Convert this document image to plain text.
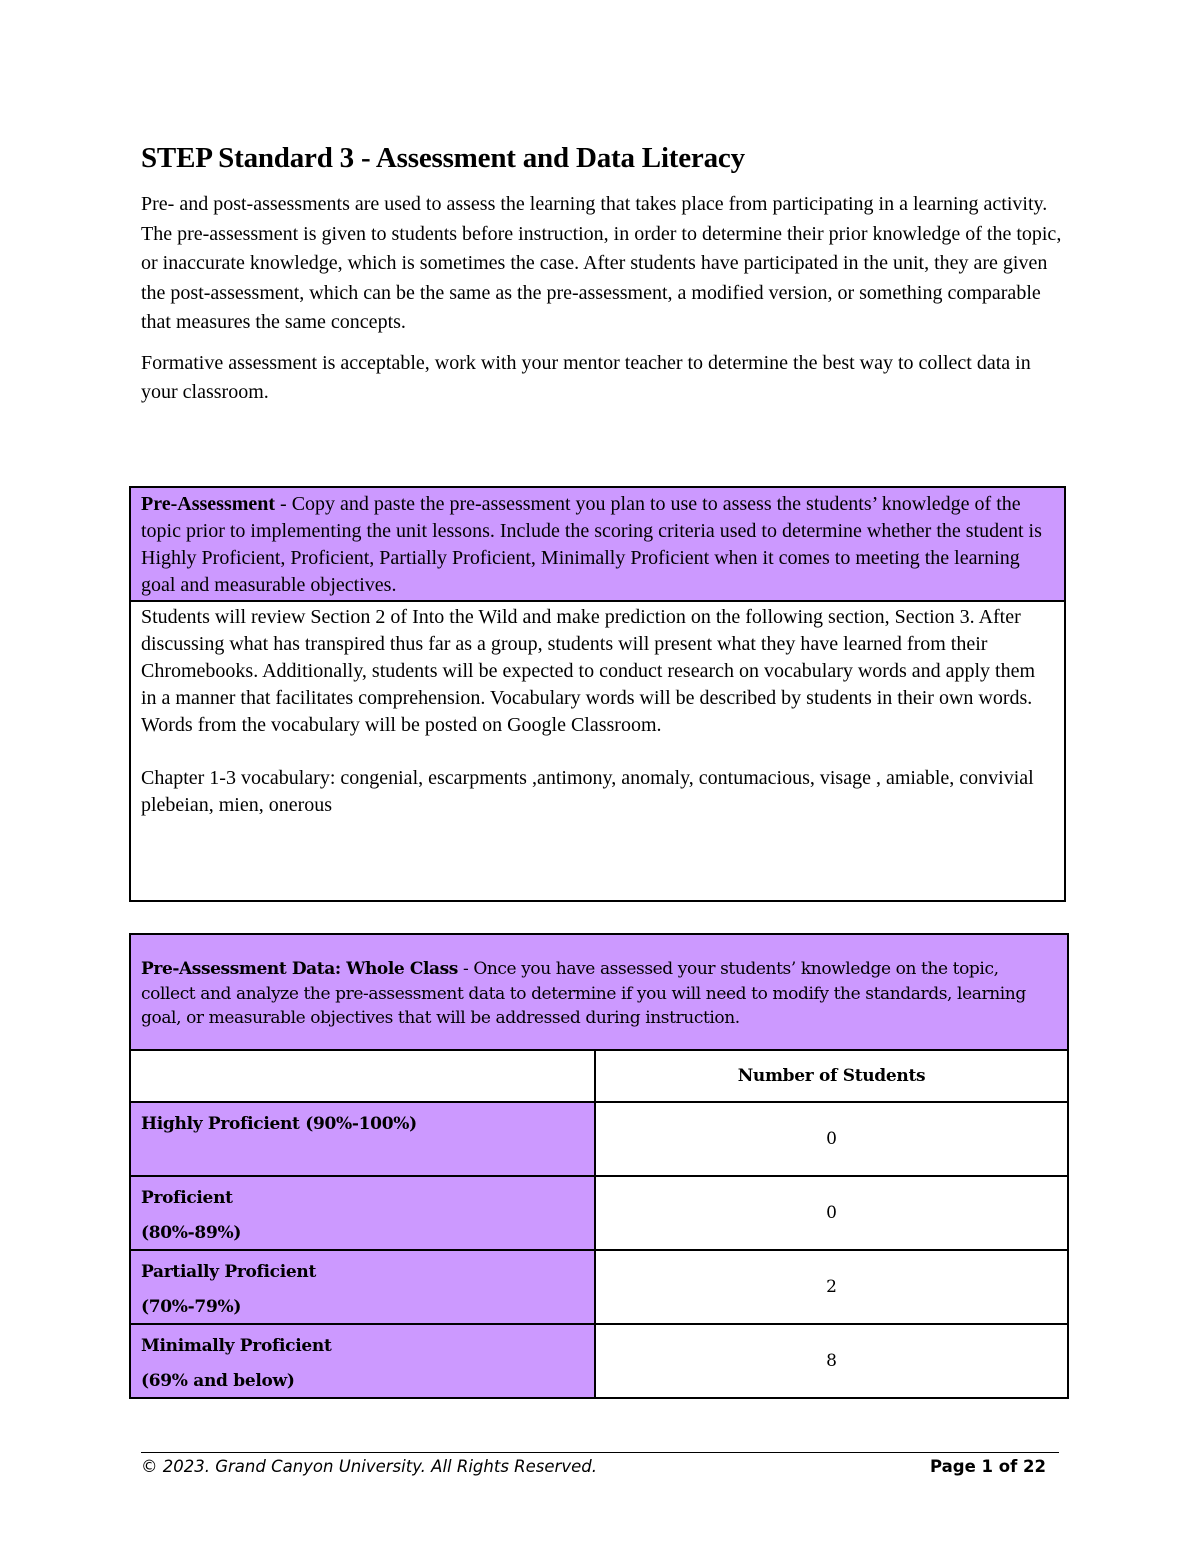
STEP Standard 3 - Assessment and Data Literacy

Pre- and post-assessments are used to assess the learning that takes place from participating in a learning activity. The pre-assessment is given to students before instruction, in order to determine their prior knowledge of the topic, or inaccurate knowledge, which is sometimes the case. After students have participated in the unit, they are given the post-assessment, which can be the same as the pre-assessment, a modified version, or something comparable that measures the same concepts.

Formative assessment is acceptable, work with your mentor teacher to determine the best way to collect data in your classroom.

Pre-Assessment - Copy and paste the pre-assessment you plan to use to assess the students’ knowledge of the topic prior to implementing the unit lessons. Include the scoring criteria used to determine whether the student is Highly Proficient, Proficient, Partially Proficient, Minimally Proficient when it comes to meeting the learning goal and measurable objectives.

Students will review Section 2 of Into the Wild and make prediction on the following section, Section 3. After discussing what has transpired thus far as a group, students will present what they have learned from their Chromebooks. Additionally, students will be expected to conduct research on vocabulary words and apply them in a manner that facilitates comprehension. Vocabulary words will be described by students in their own words. Words from the vocabulary will be posted on Google Classroom.

Chapter 1-3 vocabulary: congenial, escarpments ,antimony, anomaly, contumacious, visage , amiable, convivial plebeian, mien, onerous

Pre-Assessment Data: Whole Class - Once you have assessed your students’ knowledge on the topic, collect and analyze the pre-assessment data to determine if you will need to modify the standards, learning goal, or measurable objectives that will be addressed during instruction.
Number of Students
Highly Proficient (90%-100%)
0
Proficient
(80%-89%)
0
Partially Proficient
(70%-79%)
2
Minimally Proficient
(69% and below)
8
© 2023. Grand Canyon University. All Rights Reserved.	Page 1 of 22
